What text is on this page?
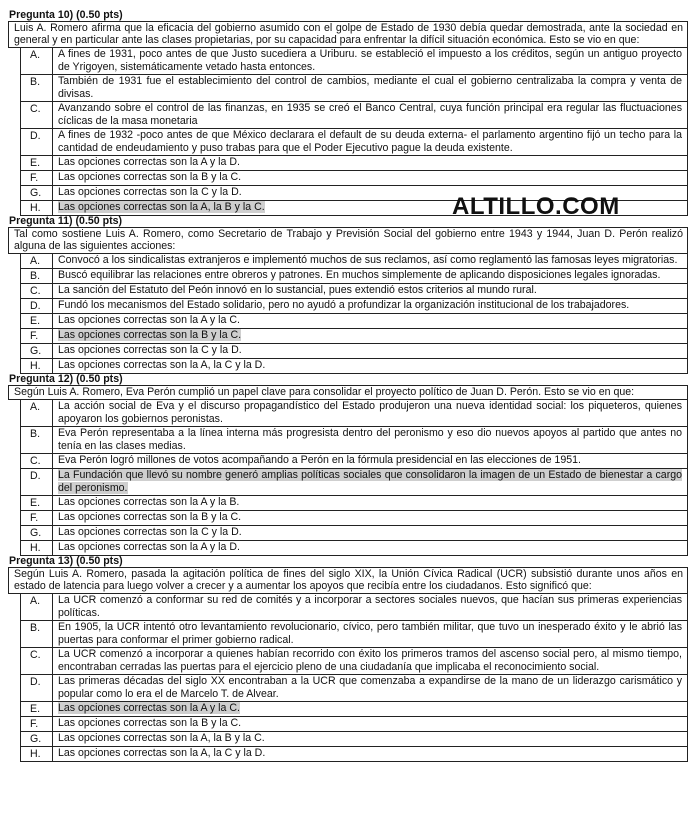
Pregunta 10) (0.50 pts)
Luis A. Romero afirma que la eficacia del gobierno asumido con el golpe de Estado de 1930 debía quedar demostrada, ante la sociedad en general y en particular ante las clases propietarias, por su capacidad para enfrentar la difícil situación económica. Esto se vio en que:
A.	A fines de 1931, poco antes de que Justo sucediera a Uriburu. se estableció el impuesto a los créditos, según un antiguo proyecto de Yrigoyen, sistemáticamente vetado hasta entonces.
B.	También de 1931 fue el establecimiento del control de cambios, mediante el cual el gobierno centralizaba la compra y venta de divisas.
C.	Avanzando sobre el control de las finanzas, en 1935 se creó el Banco Central, cuya función principal era regular las fluctuaciones cíclicas de la masa monetaria
D.	A fines de 1932 -poco antes de que México declarara el default de su deuda externa- el parlamento argentino fijó un techo para la cantidad de endeudamiento y puso trabas para que el Poder Ejecutivo pague la deuda existente.
E.	Las opciones correctas son la A y la D.
F.	Las opciones correctas son la B y la C.
G.	Las opciones correctas son la C y la D.
H.	Las opciones correctas son la A, la B y la C.
Pregunta 11) (0.50 pts)
Tal como sostiene Luis A. Romero, como Secretario de Trabajo y Previsión Social del gobierno entre 1943 y 1944, Juan D. Perón realizó alguna de las siguientes acciones:
A.	Convocó a los sindicalistas extranjeros e implementó muchos de sus reclamos, así como reglamentó las famosas leyes migratorias.
B.	Buscó equilibrar las relaciones entre obreros y patrones. En muchos simplemente de aplicando disposiciones legales ignoradas.
C.	La sanción del Estatuto del Peón innovó en lo sustancial, pues extendió estos criterios al mundo rural.
D.	Fundó los mecanismos del Estado solidario, pero no ayudó a profundizar la organización institucional de los trabajadores.
E.	Las opciones correctas son la A y la C.
F.	Las opciones correctas son la B y la C.
G.	Las opciones correctas son la C y la D.
H.	Las opciones correctas son la A, la C y la D.
Pregunta 12) (0.50 pts)
Según Luis A. Romero, Eva Perón cumplió un papel clave para consolidar el proyecto político de Juan D. Perón. Esto se vio en que:
A.	La acción social de Eva y el discurso propagandístico del Estado produjeron una nueva identidad social: los piqueteros, quienes apoyaron los gobiernos peronistas.
B.	Eva Perón representaba a la línea interna más progresista dentro del peronismo y eso dio nuevos apoyos al partido que antes no tenía en las clases medias.
C.	Eva Perón logró millones de votos acompañando a Perón en la fórmula presidencial en las elecciones de 1951.
D.	La Fundación que llevó su nombre generó amplias políticas sociales que consolidaron la imagen de un Estado de bienestar a cargo del peronismo.
E.	Las opciones correctas son la A y la B.
F.	Las opciones correctas son la B y la C.
G.	Las opciones correctas son la C y la D.
H.	Las opciones correctas son la A y la D.
Pregunta 13) (0.50 pts)
Según Luis A. Romero, pasada la agitación política de fines del siglo XIX, la Unión Cívica Radical (UCR) subsistió durante unos años en estado de latencia para luego volver a crecer y a aumentar los apoyos que recibía entre los ciudadanos. Esto significó que:
A.	La UCR comenzó a conformar su red de comités y a incorporar a sectores sociales nuevos, que hacían sus primeras experiencias políticas.
B.	En 1905, la UCR intentó otro levantamiento revolucionario, cívico, pero también militar, que tuvo un inesperado éxito y le abrió las puertas para conformar el primer gobierno radical.
C.	La UCR comenzó a incorporar a quienes habían recorrido con éxito los primeros tramos del ascenso social pero, al mismo tiempo, encontraban cerradas las puertas para el ejercicio pleno de una ciudadanía que implicaba el reconocimiento social.
D.	Las primeras décadas del siglo XX encontraban a la UCR que comenzaba a expandirse de la mano de un liderazgo carismático y popular como lo era el de Marcelo T. de Alvear.
E.	Las opciones correctas son la A y la C.
F.	Las opciones correctas son la B y la C.
G.	Las opciones correctas son la A, la B y la C.
H.	Las opciones correctas son la A, la C y la D.
ALTILLO.COM
